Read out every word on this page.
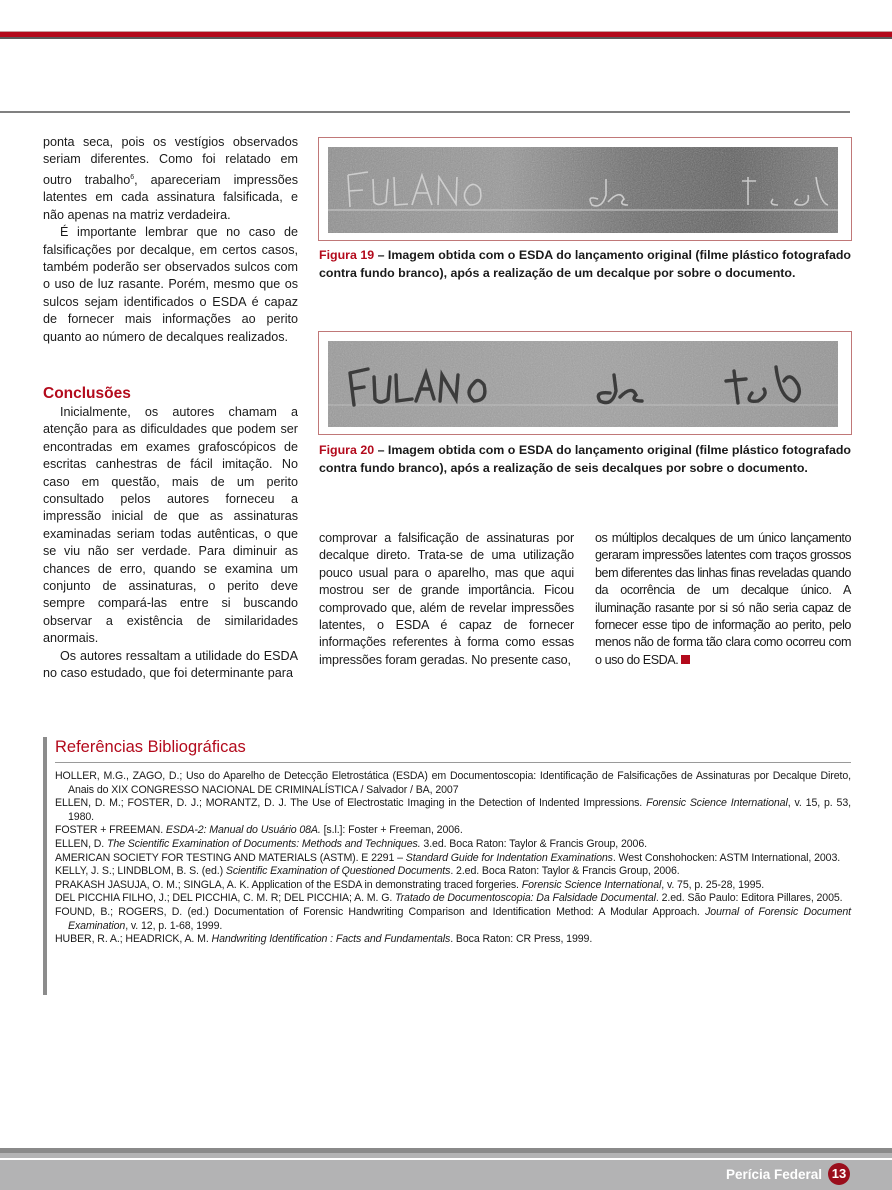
ponta seca, pois os vestígios observados seriam diferentes. Como foi relatado em outro trabalho$^6$, apareceriam impressões latentes em cada assinatura falsificada, e não apenas na matriz verdadeira.

É importante lembrar que no caso de falsificações por decalque, em certos casos, também poderão ser observados sulcos com o uso de luz rasante. Porém, mesmo que os sulcos sejam identificados o ESDA é capaz de fornecer mais informações ao perito quanto ao número de decalques realizados.

Conclusões

Inicialmente, os autores chamam a atenção para as dificuldades que podem ser encontradas em exames grafoscópicos de escritas canhestras de fácil imitação. No caso em questão, mais de um perito consultado pelos autores forneceu a impressão inicial de que as assinaturas examinadas seriam todas autênticas, o que se viu não ser verdade. Para diminuir as chances de erro, quando se examina um conjunto de assinaturas, o perito deve sempre compará-las entre si buscando observar a existência de similaridades anormais.

Os autores ressaltam a utilidade do ESDA no caso estudado, que foi determinante para

Figura 19 – Imagem obtida com o ESDA do lançamento original (filme plástico fotografado contra fundo branco), após a realização de um decalque por sobre o documento.
Figura 20 – Imagem obtida com o ESDA do lançamento original (filme plástico fotografado contra fundo branco), após a realização de seis decalques por sobre o documento.

comprovar a falsificação de assinaturas por decalque direto. Trata-se de uma utilização pouco usual para o aparelho, mas que aqui mostrou ser de grande importância. Ficou comprovado que, além de revelar impressões latentes, o ESDA é capaz de fornecer informações referentes à forma como essas impressões foram geradas. No presente caso,

os múltiplos decalques de um único lançamento geraram impressões latentes com traços grossos bem diferentes das linhas finas reveladas quando da ocorrência de um decalque único. A iluminação rasante por si só não seria capaz de fornecer esse tipo de informação ao perito, pelo menos não de forma tão clara como ocorreu com o uso do ESDA.

Referências Bibliográficas

HOLLER, M.G., ZAGO, D.; Uso do Aparelho de Detecção Eletrostática (ESDA) em Documentoscopia: Identificação de Falsificações de Assinaturas por Decalque Direto, Anais do XIX CONGRESSO NACIONAL DE CRIMINALÍSTICA / Salvador / BA, 2007

ELLEN, D. M.; FOSTER, D. J.; MORANTZ, D. J. The Use of Electrostatic Imaging in the Detection of Indented Impressions. Forensic Science International, v. 15, p. 53, 1980.

FOSTER + FREEMAN. ESDA-2: Manual do Usuário 08A. [s.l.]: Foster + Freeman, 2006.

ELLEN, D. The Scientific Examination of Documents: Methods and Techniques. 3.ed. Boca Raton: Taylor & Francis Group, 2006.

AMERICAN SOCIETY FOR TESTING AND MATERIALS (ASTM). E 2291 – Standard Guide for Indentation Examinations. West Conshohocken: ASTM International, 2003.

KELLY, J. S.; LINDBLOM, B. S. (ed.) Scientific Examination of Questioned Documents. 2.ed. Boca Raton: Taylor & Francis Group, 2006.

PRAKASH JASUJA, O. M.; SINGLA, A. K. Application of the ESDA in demonstrating traced forgeries. Forensic Science International, v. 75, p. 25-28, 1995.

DEL PICCHIA FILHO, J.; DEL PICCHIA, C. M. R; DEL PICCHIA; A. M. G. Tratado de Documentoscopia: Da Falsidade Documental. 2.ed. São Paulo: Editora Pillares, 2005.

FOUND, B.; ROGERS, D. (ed.) Documentation of Forensic Handwriting Comparison and Identification Method: A Modular Approach. Journal of Forensic Document Examination, v. 12, p. 1-68, 1999.

HUBER, R. A.; HEADRICK, A. M. Handwriting Identification : Facts and Fundamentals. Boca Raton: CR Press, 1999.

Perícia Federal 13
